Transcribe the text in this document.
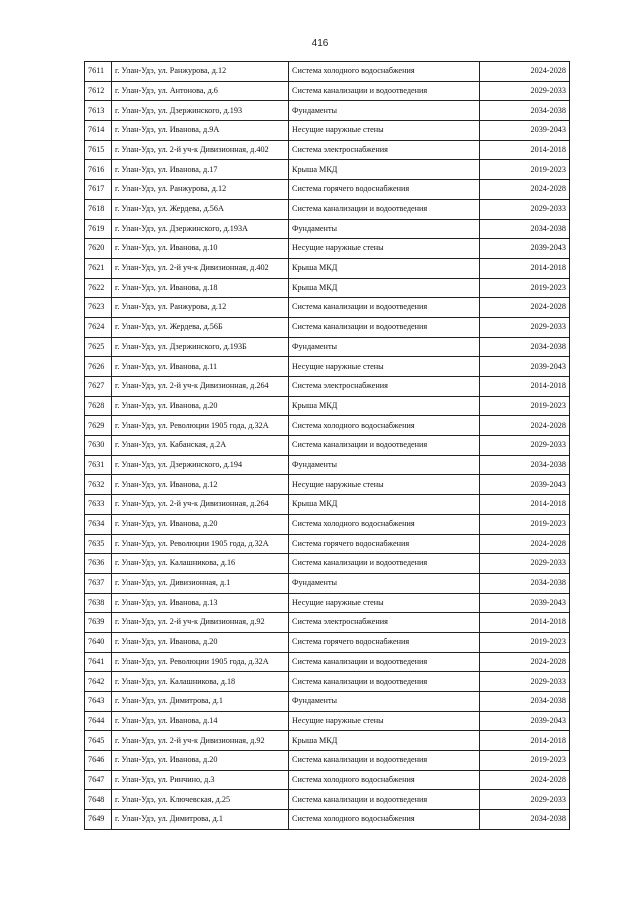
416
7611	г. Улан-Удэ, ул. Ранжурова, д.12	Система холодного водоснабжения	2024-2028
7612	г. Улан-Удэ, ул. Антонова, д.6	Система канализации и водоотведения	2029-2033
7613	г. Улан-Удэ, ул. Дзержинского, д.193	Фундаменты	2034-2038
7614	г. Улан-Удэ, ул. Иванова, д.9А	Несущие наружные стены	2039-2043
7615	г. Улан-Удэ, ул. 2-й уч-к Дивизионная, д.402	Система электроснабжения	2014-2018
7616	г. Улан-Удэ, ул. Иванова, д.17	Крыша МКД	2019-2023
7617	г. Улан-Удэ, ул. Ранжурова, д.12	Система горячего водоснабжения	2024-2028
7618	г. Улан-Удэ, ул. Жердева, д.56А	Система канализации и водоотведения	2029-2033
7619	г. Улан-Удэ, ул. Дзержинского, д.193А	Фундаменты	2034-2038
7620	г. Улан-Удэ, ул. Иванова, д.10	Несущие наружные стены	2039-2043
7621	г. Улан-Удэ, ул. 2-й уч-к Дивизионная, д.402	Крыша МКД	2014-2018
7622	г. Улан-Удэ, ул. Иванова, д.18	Крыша МКД	2019-2023
7623	г. Улан-Удэ, ул. Ранжурова, д.12	Система канализации и водоотведения	2024-2028
7624	г. Улан-Удэ, ул. Жердева, д.56Б	Система канализации и водоотведения	2029-2033
7625	г. Улан-Удэ, ул. Дзержинского, д.193Б	Фундаменты	2034-2038
7626	г. Улан-Удэ, ул. Иванова, д.11	Несущие наружные стены	2039-2043
7627	г. Улан-Удэ, ул. 2-й уч-к Дивизионная, д.264	Система электроснабжения	2014-2018
7628	г. Улан-Удэ, ул. Иванова, д.20	Крыша МКД	2019-2023
7629	г. Улан-Удэ, ул. Революции 1905 года, д.32А	Система холодного водоснабжения	2024-2028
7630	г. Улан-Удэ, ул. Кабанская, д.2А	Система канализации и водоотведения	2029-2033
7631	г. Улан-Удэ, ул. Дзержинского, д.194	Фундаменты	2034-2038
7632	г. Улан-Удэ, ул. Иванова, д.12	Несущие наружные стены	2039-2043
7633	г. Улан-Удэ, ул. 2-й уч-к Дивизионная, д.264	Крыша МКД	2014-2018
7634	г. Улан-Удэ, ул. Иванова, д.20	Система холодного водоснабжения	2019-2023
7635	г. Улан-Удэ, ул. Революции 1905 года, д.32А	Система горячего водоснабжения	2024-2028
7636	г. Улан-Удэ, ул. Калашникова, д.16	Система канализации и водоотведения	2029-2033
7637	г. Улан-Удэ, ул. Дивизионная, д.1	Фундаменты	2034-2038
7638	г. Улан-Удэ, ул. Иванова, д.13	Несущие наружные стены	2039-2043
7639	г. Улан-Удэ, ул. 2-й уч-к Дивизионная, д.92	Система электроснабжения	2014-2018
7640	г. Улан-Удэ, ул. Иванова, д.20	Система горячего водоснабжения	2019-2023
7641	г. Улан-Удэ, ул. Революции 1905 года, д.32А	Система канализации и водоотведения	2024-2028
7642	г. Улан-Удэ, ул. Калашникова, д.18	Система канализации и водоотведения	2029-2033
7643	г. Улан-Удэ, ул. Димитрова, д.1	Фундаменты	2034-2038
7644	г. Улан-Удэ, ул. Иванова, д.14	Несущие наружные стены	2039-2043
7645	г. Улан-Удэ, ул. 2-й уч-к Дивизионная, д.92	Крыша МКД	2014-2018
7646	г. Улан-Удэ, ул. Иванова, д.20	Система канализации и водоотведения	2019-2023
7647	г. Улан-Удэ, ул. Ринчино, д.3	Система холодного водоснабжения	2024-2028
7648	г. Улан-Удэ, ул. Ключевская, д.25	Система канализации и водоотведения	2029-2033
7649	г. Улан-Удэ, ул. Димитрова, д.1	Система холодного водоснабжения	2034-2038
